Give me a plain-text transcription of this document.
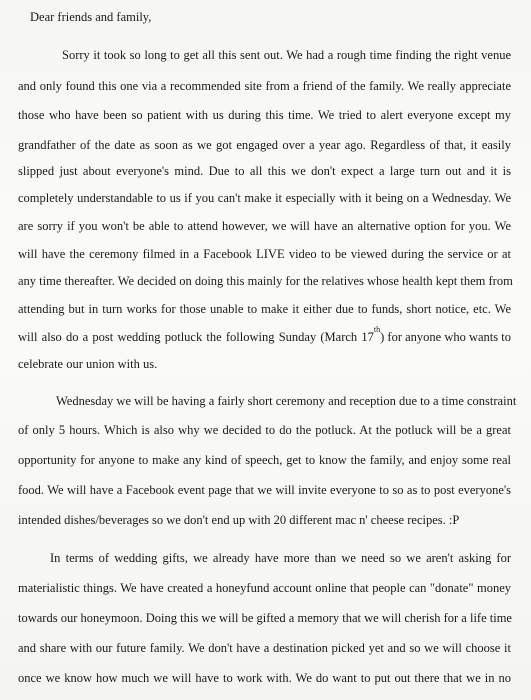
Dear friends and family,
Sorry it took so long to get all this sent out. We had a rough time finding the right venue
and only found this one via a recommended site from a friend of the family. We really appreciate
those who have been so patient with us during this time. We tried to alert everyone except my
grandfather of the date as soon as we got engaged over a year ago. Regardless of that, it easily
slipped just about everyone's mind. Due to all this we don't expect a large turn out and it is
completely understandable to us if you can't make it especially with it being on a Wednesday. We
are sorry if you won't be able to attend however, we will have an alternative option for you. We
will have the ceremony filmed in a Facebook LIVE video to be viewed during the service or at
any time thereafter. We decided on doing this mainly for the relatives whose health kept them from
attending but in turn works for those unable to make it either due to funds, short notice, etc. We
will also do a post wedding potluck the following Sunday (March 17
th
) for anyone who wants to
celebrate our union with us.
Wednesday we will be having a fairly short ceremony and reception due to a time constraint
of only 5 hours. Which is also why we decided to do the potluck. At the potluck will be a great
opportunity for anyone to make any kind of speech, get to know the family, and enjoy some real
food. We will have a Facebook event page that we will invite everyone to so as to post everyone's
intended dishes/beverages so we don't end up with 20 different mac n' cheese recipes. :P
In terms of wedding gifts, we already have more than we need so we aren't asking for
materialistic things. We have created a honeyfund account online that people can "donate" money
towards our honeymoon. Doing this we will be gifted a memory that we will cherish for a life time
and share with our future family. We don't have a destination picked yet and so we will choose it
once we know how much we will have to work with. We do want to put out there that we in no
